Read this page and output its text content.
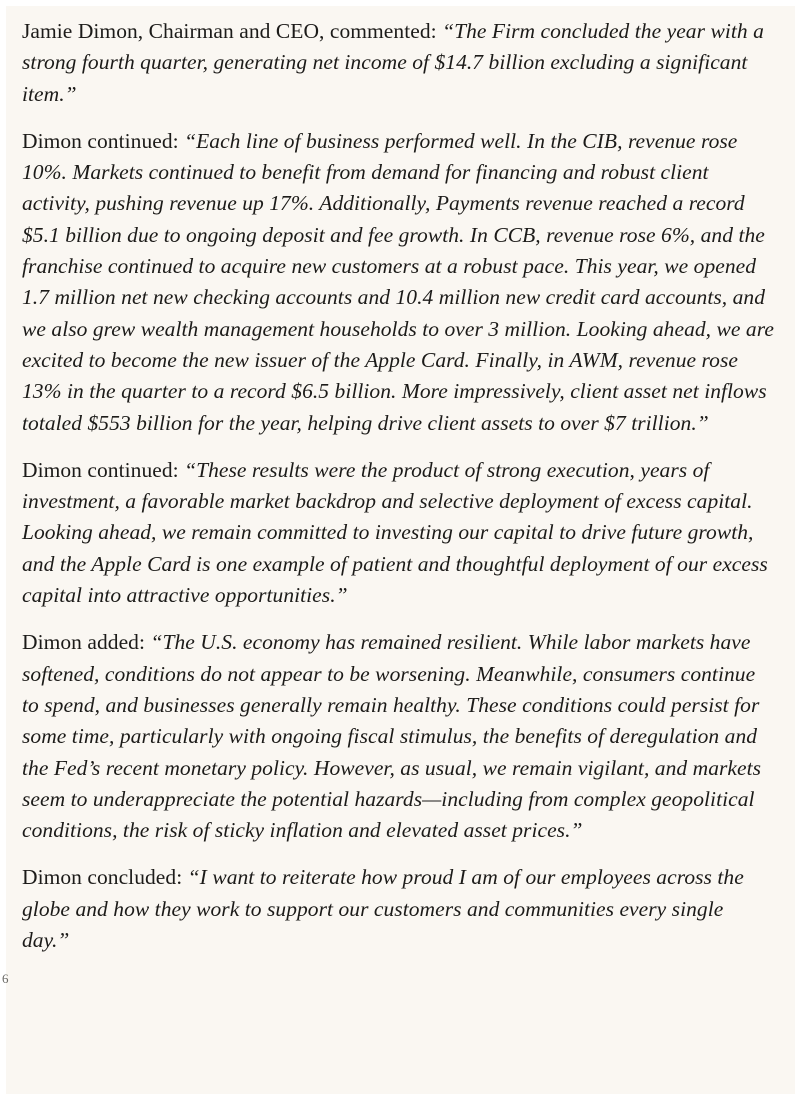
6

Jamie Dimon, Chairman and CEO, commented: “The Firm concluded the year with a strong fourth quarter, generating net income of $14.7 billion excluding a significant item.”

Dimon continued: “Each line of business performed well. In the CIB, revenue rose 10%. Markets continued to benefit from demand for financing and robust client activity, pushing revenue up 17%. Additionally, Payments revenue reached a record $5.1 billion due to ongoing deposit and fee growth. In CCB, revenue rose 6%, and the franchise continued to acquire new customers at a robust pace. This year, we opened 1.7 million net new checking accounts and 10.4 million new credit card accounts, and we also grew wealth management households to over 3 million. Looking ahead, we are excited to become the new issuer of the Apple Card. Finally, in AWM, revenue rose 13% in the quarter to a record $6.5 billion. More impressively, client asset net inflows totaled $553 billion for the year, helping drive client assets to over $7 trillion.”

Dimon continued: “These results were the product of strong execution, years of investment, a favorable market backdrop and selective deployment of excess capital. Looking ahead, we remain committed to investing our capital to drive future growth, and the Apple Card is one example of patient and thoughtful deployment of our excess capital into attractive opportunities.”

Dimon added: “The U.S. economy has remained resilient. While labor markets have softened, conditions do not appear to be worsening. Meanwhile, consumers continue to spend, and businesses generally remain healthy. These conditions could persist for some time, particularly with ongoing fiscal stimulus, the benefits of deregulation and the Fed’s recent monetary policy. However, as usual, we remain vigilant, and markets seem to underappreciate the potential hazards—including from complex geopolitical conditions, the risk of sticky inflation and elevated asset prices.”

Dimon concluded: “I want to reiterate how proud I am of our employees across the globe and how they work to support our customers and communities every single day.”
